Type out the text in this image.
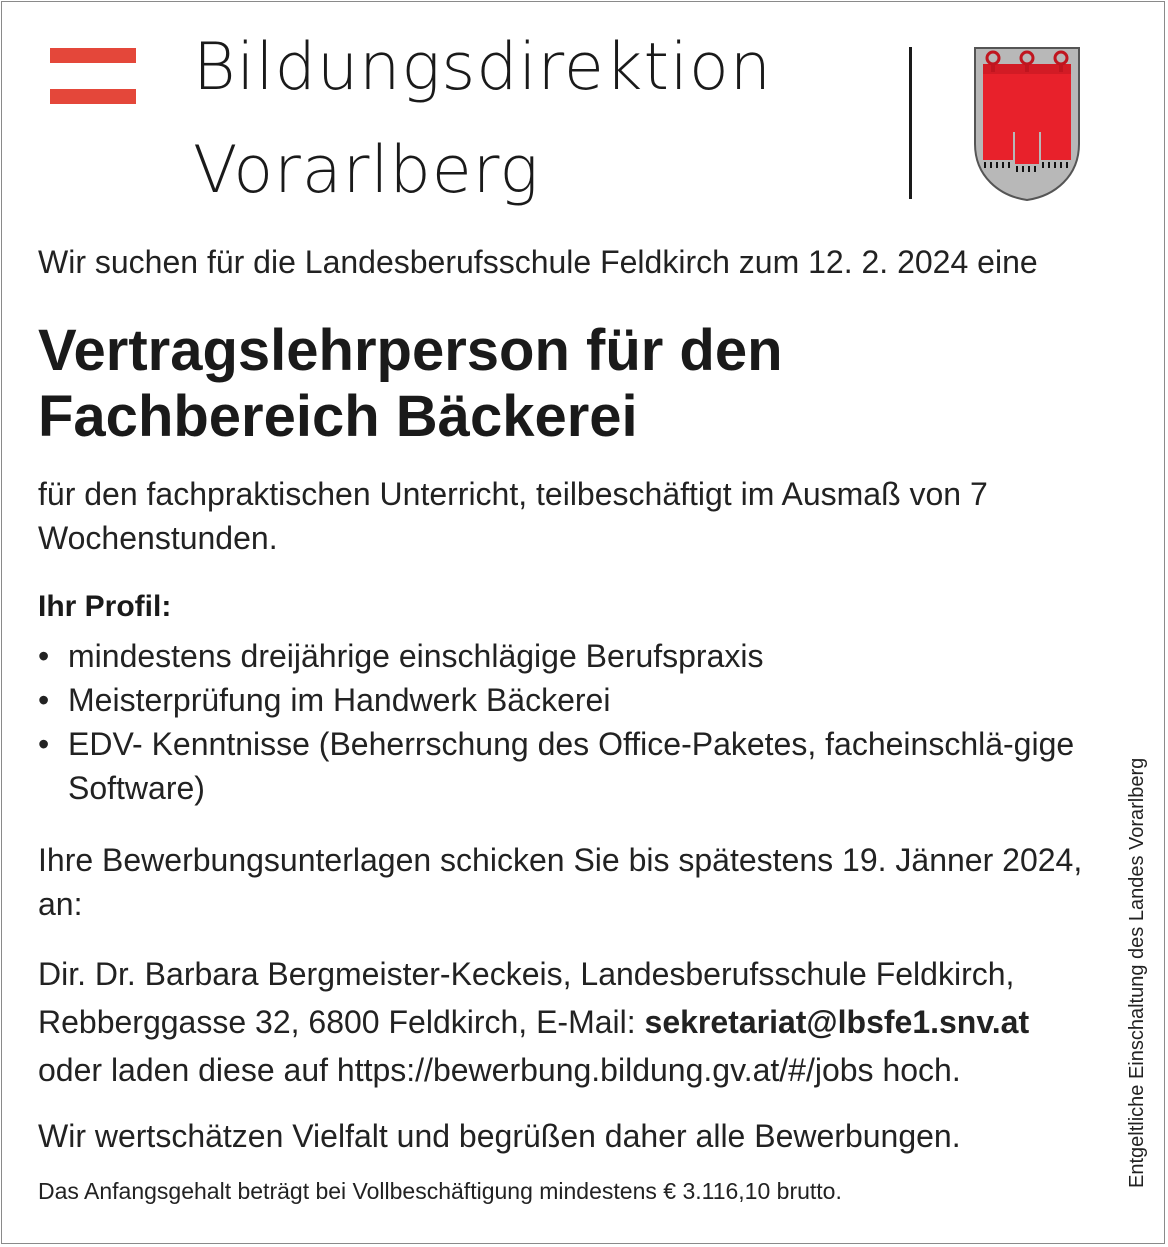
Bildungsdirektion
Vorarlberg
Wir suchen für die Landesberufsschule Feldkirch zum 12. 2. 2024 eine
Vertragslehrperson für den
Fachbereich Bäckerei
für den fachpraktischen Unterricht, teilbeschäftigt im Ausmaß von 7 Wochenstunden.
Ihr Profil:
• mindestens dreijährige einschlägige Berufspraxis
• Meisterprüfung im Handwerk Bäckerei
• EDV- Kenntnisse (Beherrschung des Office-Paketes, facheinschlä-gige Software)
Ihre Bewerbungsunterlagen schicken Sie bis spätestens 19. Jänner 2024, an:
Dir. Dr. Barbara Bergmeister-Keckeis, Landesberufsschule Feldkirch,
Rebberggasse 32, 6800 Feldkirch, E-Mail: sekretariat@lbsfe1.snv.at
oder laden diese auf https://bewerbung.bildung.gv.at/#/jobs hoch.
Wir wertschätzen Vielfalt und begrüßen daher alle Bewerbungen.
Das Anfangsgehalt beträgt bei Vollbeschäftigung mindestens € 3.116,10 brutto.
Entgeltliche Einschaltung des Landes Vorarlberg
